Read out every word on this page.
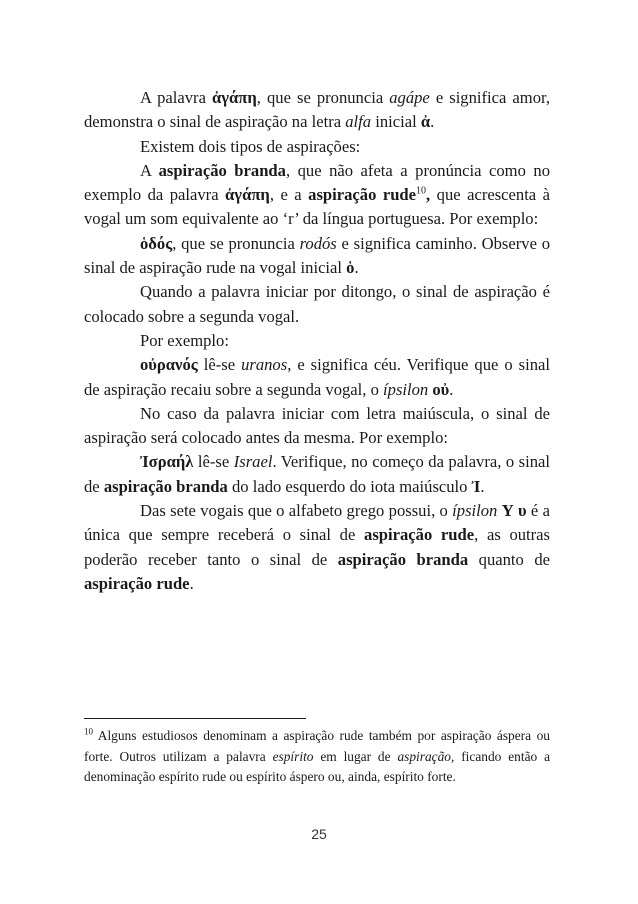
A palavra ἀγάπη, que se pronuncia agápe e significa amor, demonstra o sinal de aspiração na letra alfa inicial ἀ.

Existem dois tipos de aspirações:

A aspiração branda, que não afeta a pronúncia como no exemplo da palavra ἀγάπη, e a aspiração rude$^{10}$, que acrescenta à vogal um som equivalente ao ‘r’ da língua portuguesa. Por exemplo:

ὁδός, que se pronuncia rodós e significa caminho. Observe o sinal de aspiração rude na vogal inicial ὁ.

Quando a palavra iniciar por ditongo, o sinal de aspiração é colocado sobre a segunda vogal.

Por exemplo:

οὐρανός lê-se uranos, e significa céu. Verifique que o sinal de aspiração recaiu sobre a segunda vogal, o ípsilon οὐ.

No caso da palavra iniciar com letra maiúscula, o sinal de aspiração será colocado antes da mesma. Por exemplo:

Ἰσραήλ lê-se Israel. Verifique, no começo da palavra, o sinal de aspiração branda do lado esquerdo do iota maiúsculo Ἰ.

Das sete vogais que o alfabeto grego possui, o ípsilon Υ υ é a única que sempre receberá o sinal de aspiração rude, as outras poderão receber tanto o sinal de aspiração branda quanto de aspiração rude.

$^{10}$ Alguns estudiosos denominam a aspiração rude também por aspiração áspera ou forte. Outros utilizam a palavra espírito em lugar de aspiração, ficando então a denominação espírito rude ou espírito áspero ou, ainda, espírito forte.

25
